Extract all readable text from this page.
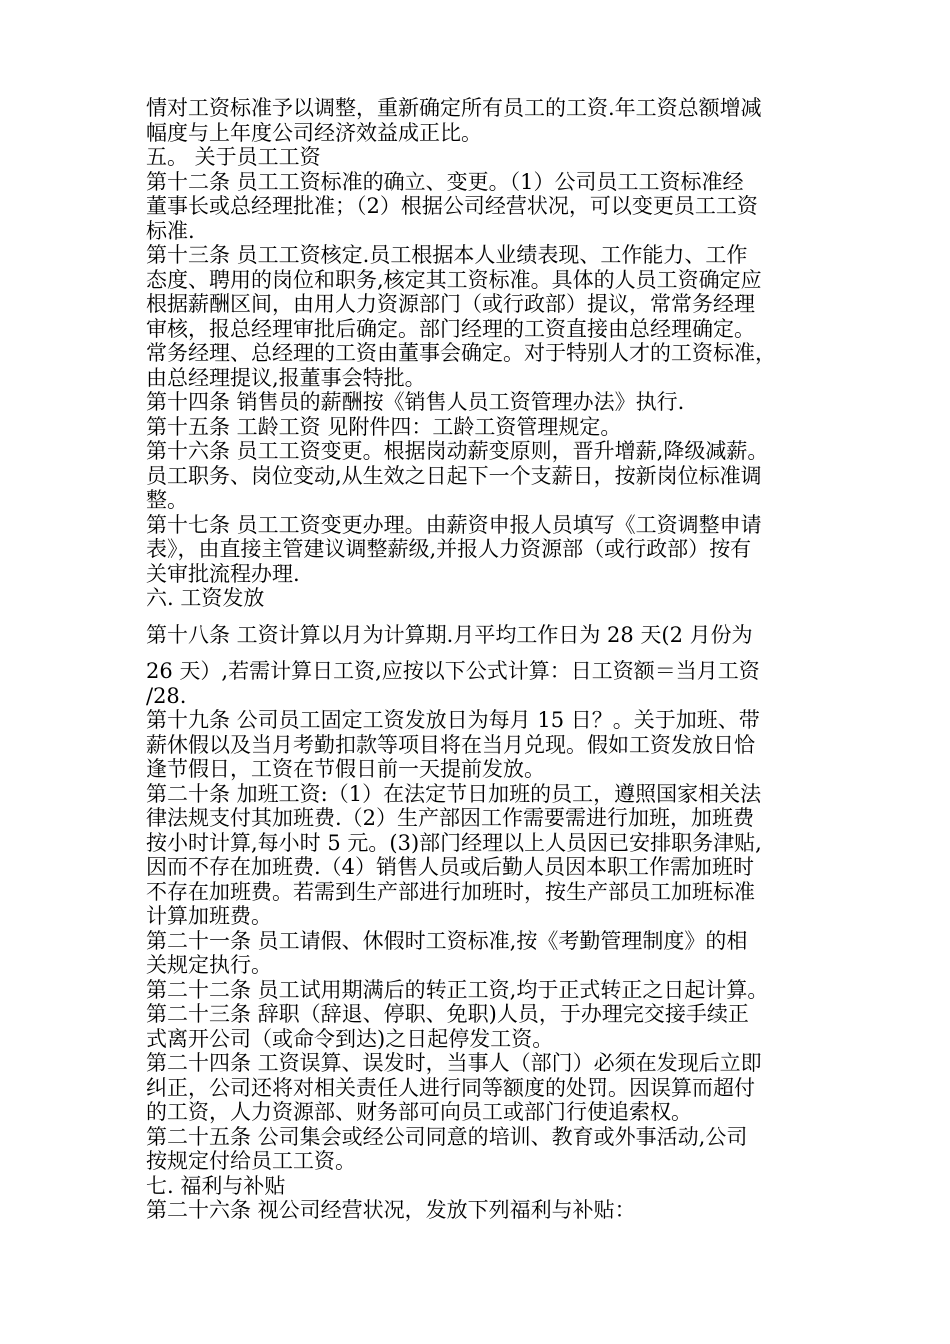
情对工资标准予以调整，重新确定所有员工的工资.年工资总额增减
幅度与上年度公司经济效益成正比。
五。 关于员工工资
第十二条 员工工资标准的确立、变更。（1）公司员工工资标准经
董事长或总经理批准；（2）根据公司经营状况，可以变更员工工资
标准.
第十三条 员工工资核定.员工根据本人业绩表现、工作能力、工作
态度、聘用的岗位和职务,核定其工资标准。具体的人员工资确定应
根据薪酬区间，由用人力资源部门（或行政部）提议，常常务经理
审核，报总经理审批后确定。部门经理的工资直接由总经理确定。
常务经理、总经理的工资由董事会确定。对于特别人才的工资标准，
由总经理提议,报董事会特批。
第十四条 销售员的薪酬按《销售人员工资管理办法》执行.
第十五条 工龄工资 见附件四：工龄工资管理规定。
第十六条 员工工资变更。根据岗动薪变原则，晋升增薪,降级减薪。
员工职务、岗位变动,从生效之日起下一个支薪日，按新岗位标准调
整。
第十七条 员工工资变更办理。由薪资申报人员填写《工资调整申请
表》，由直接主管建议调整薪级,并报人力资源部（或行政部）按有
关审批流程办理.
六. 工资发放
第十八条 工资计算以月为计算期.月平均工作日为 28 天(2 月份为
26 天）,若需计算日工资,应按以下公式计算：日工资额＝当月工资
/28.
第十九条 公司员工固定工资发放日为每月 15 日？。关于加班、带
薪休假以及当月考勤扣款等项目将在当月兑现。假如工资发放日恰
逢节假日，工资在节假日前一天提前发放。
第二十条 加班工资:（1）在法定节日加班的员工，遵照国家相关法
律法规支付其加班费.（2）生产部因工作需要需进行加班，加班费
按小时计算,每小时 5 元。(3)部门经理以上人员因已安排职务津贴,
因而不存在加班费.（4）销售人员或后勤人员因本职工作需加班时
不存在加班费。若需到生产部进行加班时，按生产部员工加班标准
计算加班费。
第二十一条 员工请假、休假时工资标准,按《考勤管理制度》的相
关规定执行。
第二十二条 员工试用期满后的转正工资,均于正式转正之日起计算。
第二十三条 辞职（辞退、停职、免职)人员，于办理完交接手续正
式离开公司（或命令到达)之日起停发工资。
第二十四条 工资误算、误发时，当事人（部门）必须在发现后立即
纠正，公司还将对相关责任人进行同等额度的处罚。因误算而超付
的工资，人力资源部、财务部可向员工或部门行使追索权。
第二十五条 公司集会或经公司同意的培训、教育或外事活动,公司
按规定付给员工工资。
七. 福利与补贴
第二十六条 视公司经营状况，发放下列福利与补贴：
